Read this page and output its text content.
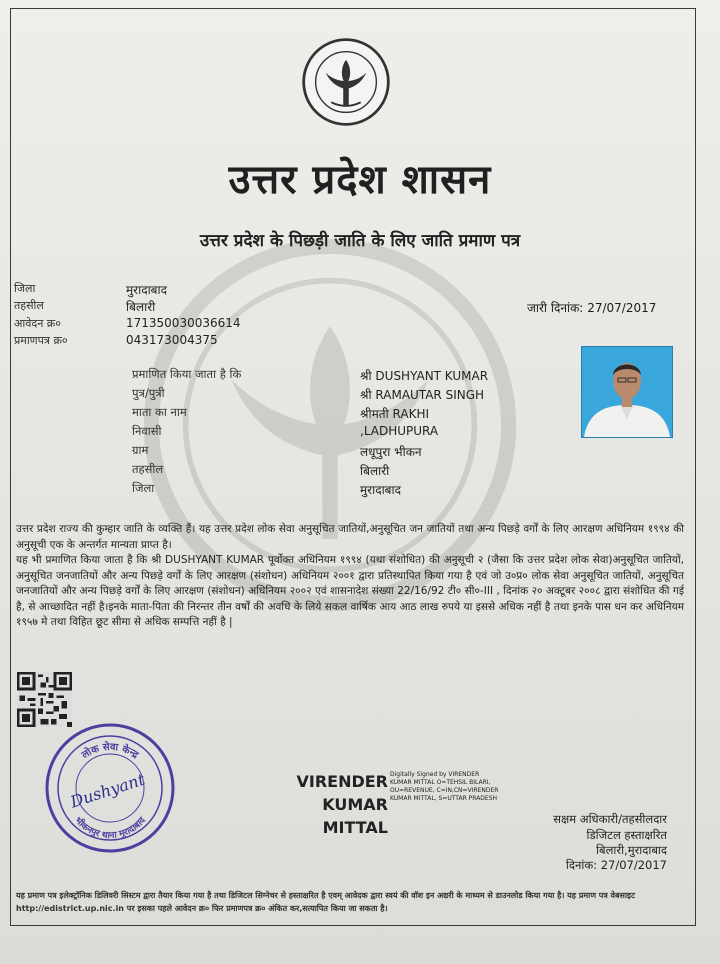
उत्तर प्रदेश शासन
उत्तर प्रदेश के पिछड़ी जाति के लिए जाति प्रमाण पत्र
जिला	मुरादाबाद
तहसील	बिलारी
आवेदन क्र०	171350030036614
प्रमाणपत्र क्र०	043173004375
जारी दिनांक: 27/07/2017
प्रमाणित किया जाता है कि	श्री DUSHYANT KUMAR
पुत्र/पुत्री	श्री RAMAUTAR SINGH
माता का नाम	श्रीमती RAKHI
निवासी	,LADHUPURA
ग्राम	लधूपुरा भीकन
तहसील	बिलारी
जिला	मुरादाबाद

उत्तर प्रदेश राज्य की कुम्हार जाति के व्यक्ति हैं। यह उत्तर प्रदेश लोक सेवा अनुसूचित जातियों,अनुसूचित जन जातियों तथा अन्य पिछड़े वर्गों के लिए आरक्षण अधिनियम १९९४ की अनुसूची एक के अन्तर्गत मान्यता प्राप्त है।

यह भी प्रमाणित किया जाता है कि श्री DUSHYANT KUMAR पूर्वोक्त अधिनियम १९९४ (यथा संशोधित) की अनुसूची २ (जैसा कि उत्तर प्रदेश लोक सेवा)अनुसूचित जातियों, अनुसूचित जनजातियों और अन्य पिछड़े वर्गों के लिए आरक्षण (संशोधन) अधिनियम २००१ द्वारा प्रतिस्थापित किया गया है एवं जो उ०प्र० लोक सेवा अनुसूचित जातियों, अनुसूचित जनजातियों और अन्य पिछड़े वर्गों के लिए आरक्षण (संशोधन) अधिनियम २००२ एवं शासनादेश संख्या 22/16/92 टी० सी०-III , दिनांक २० अक्टूबर २००८ द्वारा संशोधित की गई है, से आच्छादित नहीं है।इनके माता-पिता की निरन्तर तीन वर्षों की अवधि के लिये सकल वार्षिक आय आठ लाख रुपये या इससे अधिक नहीं है तथा इनके पास धन कर अधिनियम १९५७ मे तथा विहित छूट सीमा से अधिक सम्पत्ति नहीं है |

लोक सेवा केन्द्र
भीकनपुर थाना मुरादाबाद
Dushyant	VIRENDER
KUMAR
MITTAL
Digitally Signed by VIRENDER KUMAR MITTAL O=TEHSIL BILARI, OU=REVENUE, C=IN,CN=VIRENDER KUMAR MITTAL, S=UTTAR PRADESH
सक्षम अधिकारी/तहसीलदार
डिजिटल हस्ताक्षरित
बिलारी,मुरादाबाद
दिनांक: 27/07/2017
यह प्रमाण पत्र इलेक्ट्रॉनिक डिलिवरी सिस्टम द्वारा तैयार किया गया है तथा डिजिटल सिग्नेचर से हस्ताक्षरित है एवम् आवेदक द्वारा स्वयं की वॉश इन अद्यरी के माध्यम से डाउनलोड किया गया है। यह प्रमाण पत्र वेबसाइट http://edistrict.up.nic.in पर इसका पहले आवेदन क्र० फिर प्रमाणपत्र क्र० अंकित कर,सत्यापित किया जा सकता है।
